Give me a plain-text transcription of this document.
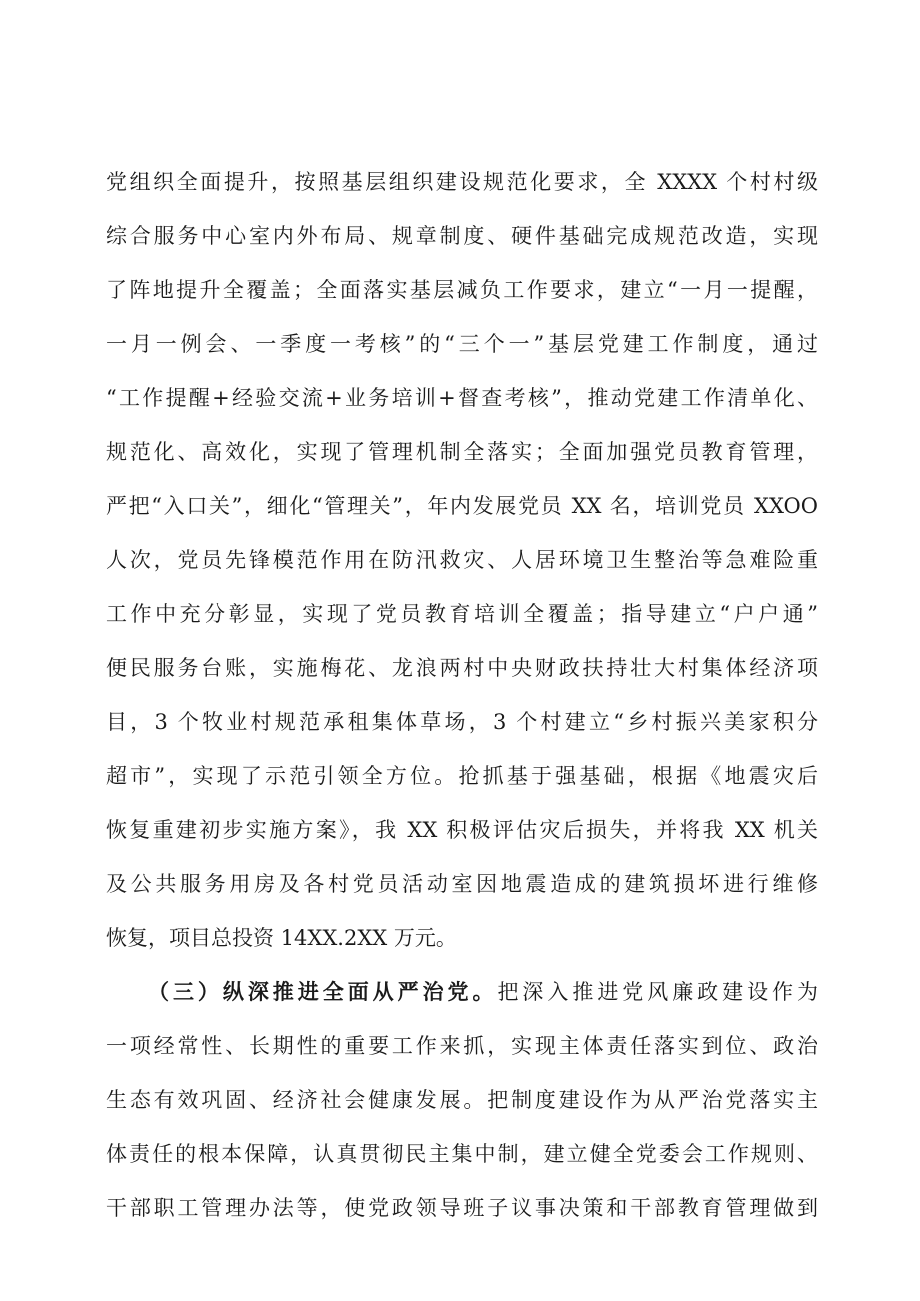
党组织全面提升，按照基层组织建设规范化要求，全 XXXX 个村村级
综合服务中心室内外布局、规章制度、硬件基础完成规范改造，实现
了阵地提升全覆盖；全面落实基层减负工作要求，建立“一月一提醒，
一月一例会、一季度一考核”的“三个一”基层党建工作制度，通过
“工作提醒+经验交流+业务培训+督查考核”，推动党建工作清单化、
规范化、高效化，实现了管理机制全落实；全面加强党员教育管理，
严把“入口关”，细化“管理关”，年内发展党员 XX 名，培训党员 XXOO
人次，党员先锋模范作用在防汛救灾、人居环境卫生整治等急难险重
工作中充分彰显，实现了党员教育培训全覆盖；指导建立“户户通”
便民服务台账，实施梅花、龙浪两村中央财政扶持壮大村集体经济项
目，3 个牧业村规范承租集体草场，3 个村建立“乡村振兴美家积分
超市”，实现了示范引领全方位。抢抓基于强基础，根据《地震灾后
恢复重建初步实施方案》，我 XX 积极评估灾后损失，并将我 XX 机关
及公共服务用房及各村党员活动室因地震造成的建筑损坏进行维修
恢复，项目总投资 14XX.2XX 万元。
（三）纵深推进全面从严治党。把深入推进党风廉政建设作为
一项经常性、长期性的重要工作来抓，实现主体责任落实到位、政治
生态有效巩固、经济社会健康发展。把制度建设作为从严治党落实主
体责任的根本保障，认真贯彻民主集中制，建立健全党委会工作规则、
干部职工管理办法等，使党政领导班子议事决策和干部教育管理做到
